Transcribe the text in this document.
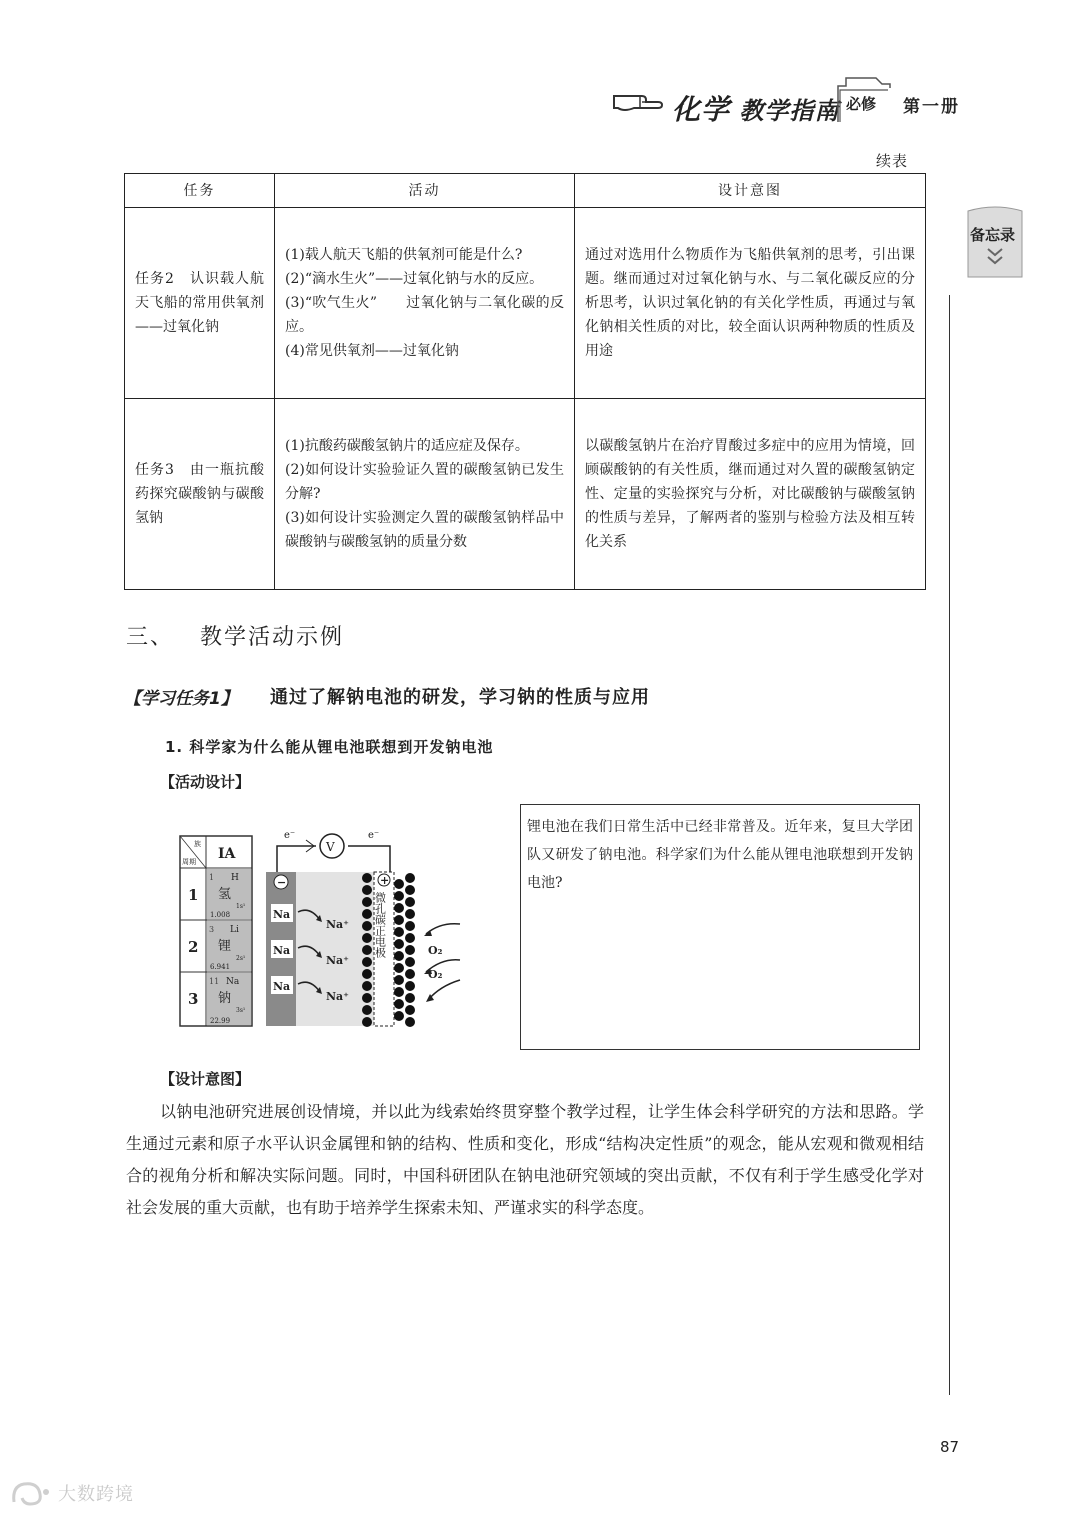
化学 教学指南 必修 第一册
续表
备忘录
任务	活动	设计意图
任务2　认识载人航天飞船的常用供氧剂——过氧化钠	(1)载人航天飞船的供氧剂可能是什么?
(2)“滴水生火”——过氧化钠与水的反应。
(3)“吹气生火”　　过氧化钠与二氧化碳的反应。
(4)常见供氧剂——过氧化钠	通过对选用什么物质作为飞船供氧剂的思考，引出课题。继而通过对过氧化钠与水、与二氧化碳反应的分析思考，认识过氧化钠的有关化学性质，再通过与氧化钠相关性质的对比，较全面认识两种物质的性质及用途
任务3　由一瓶抗酸药探究碳酸钠与碳酸氢钠	(1)抗酸药碳酸氢钠片的适应症及保存。
(2)如何设计实验验证久置的碳酸氢钠已发生分解?
(3)如何设计实验测定久置的碳酸氢钠样品中碳酸钠与碳酸氢钠的质量分数	以碳酸氢钠片在治疗胃酸过多症中的应用为情境，回顾碳酸钠的有关性质，继而通过对久置的碳酸氢钠定性、定量的实验探究与分析，对比碳酸钠与碳酸氢钠的性质与差异，了解两者的鉴别与检验方法及相互转化关系
三、 教学活动示例
【学习任务1】 通过了解钠电池的研发，学习钠的性质与应用
1. 科学家为什么能从锂电池联想到开发钠电池
【活动设计】
族
周期 IA
1
2
3
1 H
氢
1s¹
1.008
3 Li
锂
2s¹
6.941
11 Na
钠
3s¹
22.99
V
e⁻	e⁻
−
Na
Na
Na
Na⁺
Na⁺
Na⁺
+
微孔碳正电极	O₂
O₂
锂电池在我们日常生活中已经非常普及。近年来，复旦大学团队又研发了钠电池。科学家们为什么能从锂电池联想到开发钠电池?
【设计意图】
以钠电池研究进展创设情境，并以此为线索始终贯穿整个教学过程，让学生体会科学研究的方法和思路。学生通过元素和原子水平认识金属锂和钠的结构、性质和变化，形成“结构决定性质”的观念，能从宏观和微观相结合的视角分析和解决实际问题。同时，中国科研团队在钠电池研究领域的突出贡献，不仅有利于学生感受化学对社会发展的重大贡献，也有助于培养学生探索未知、严谨求实的科学态度。
87
大数跨境
